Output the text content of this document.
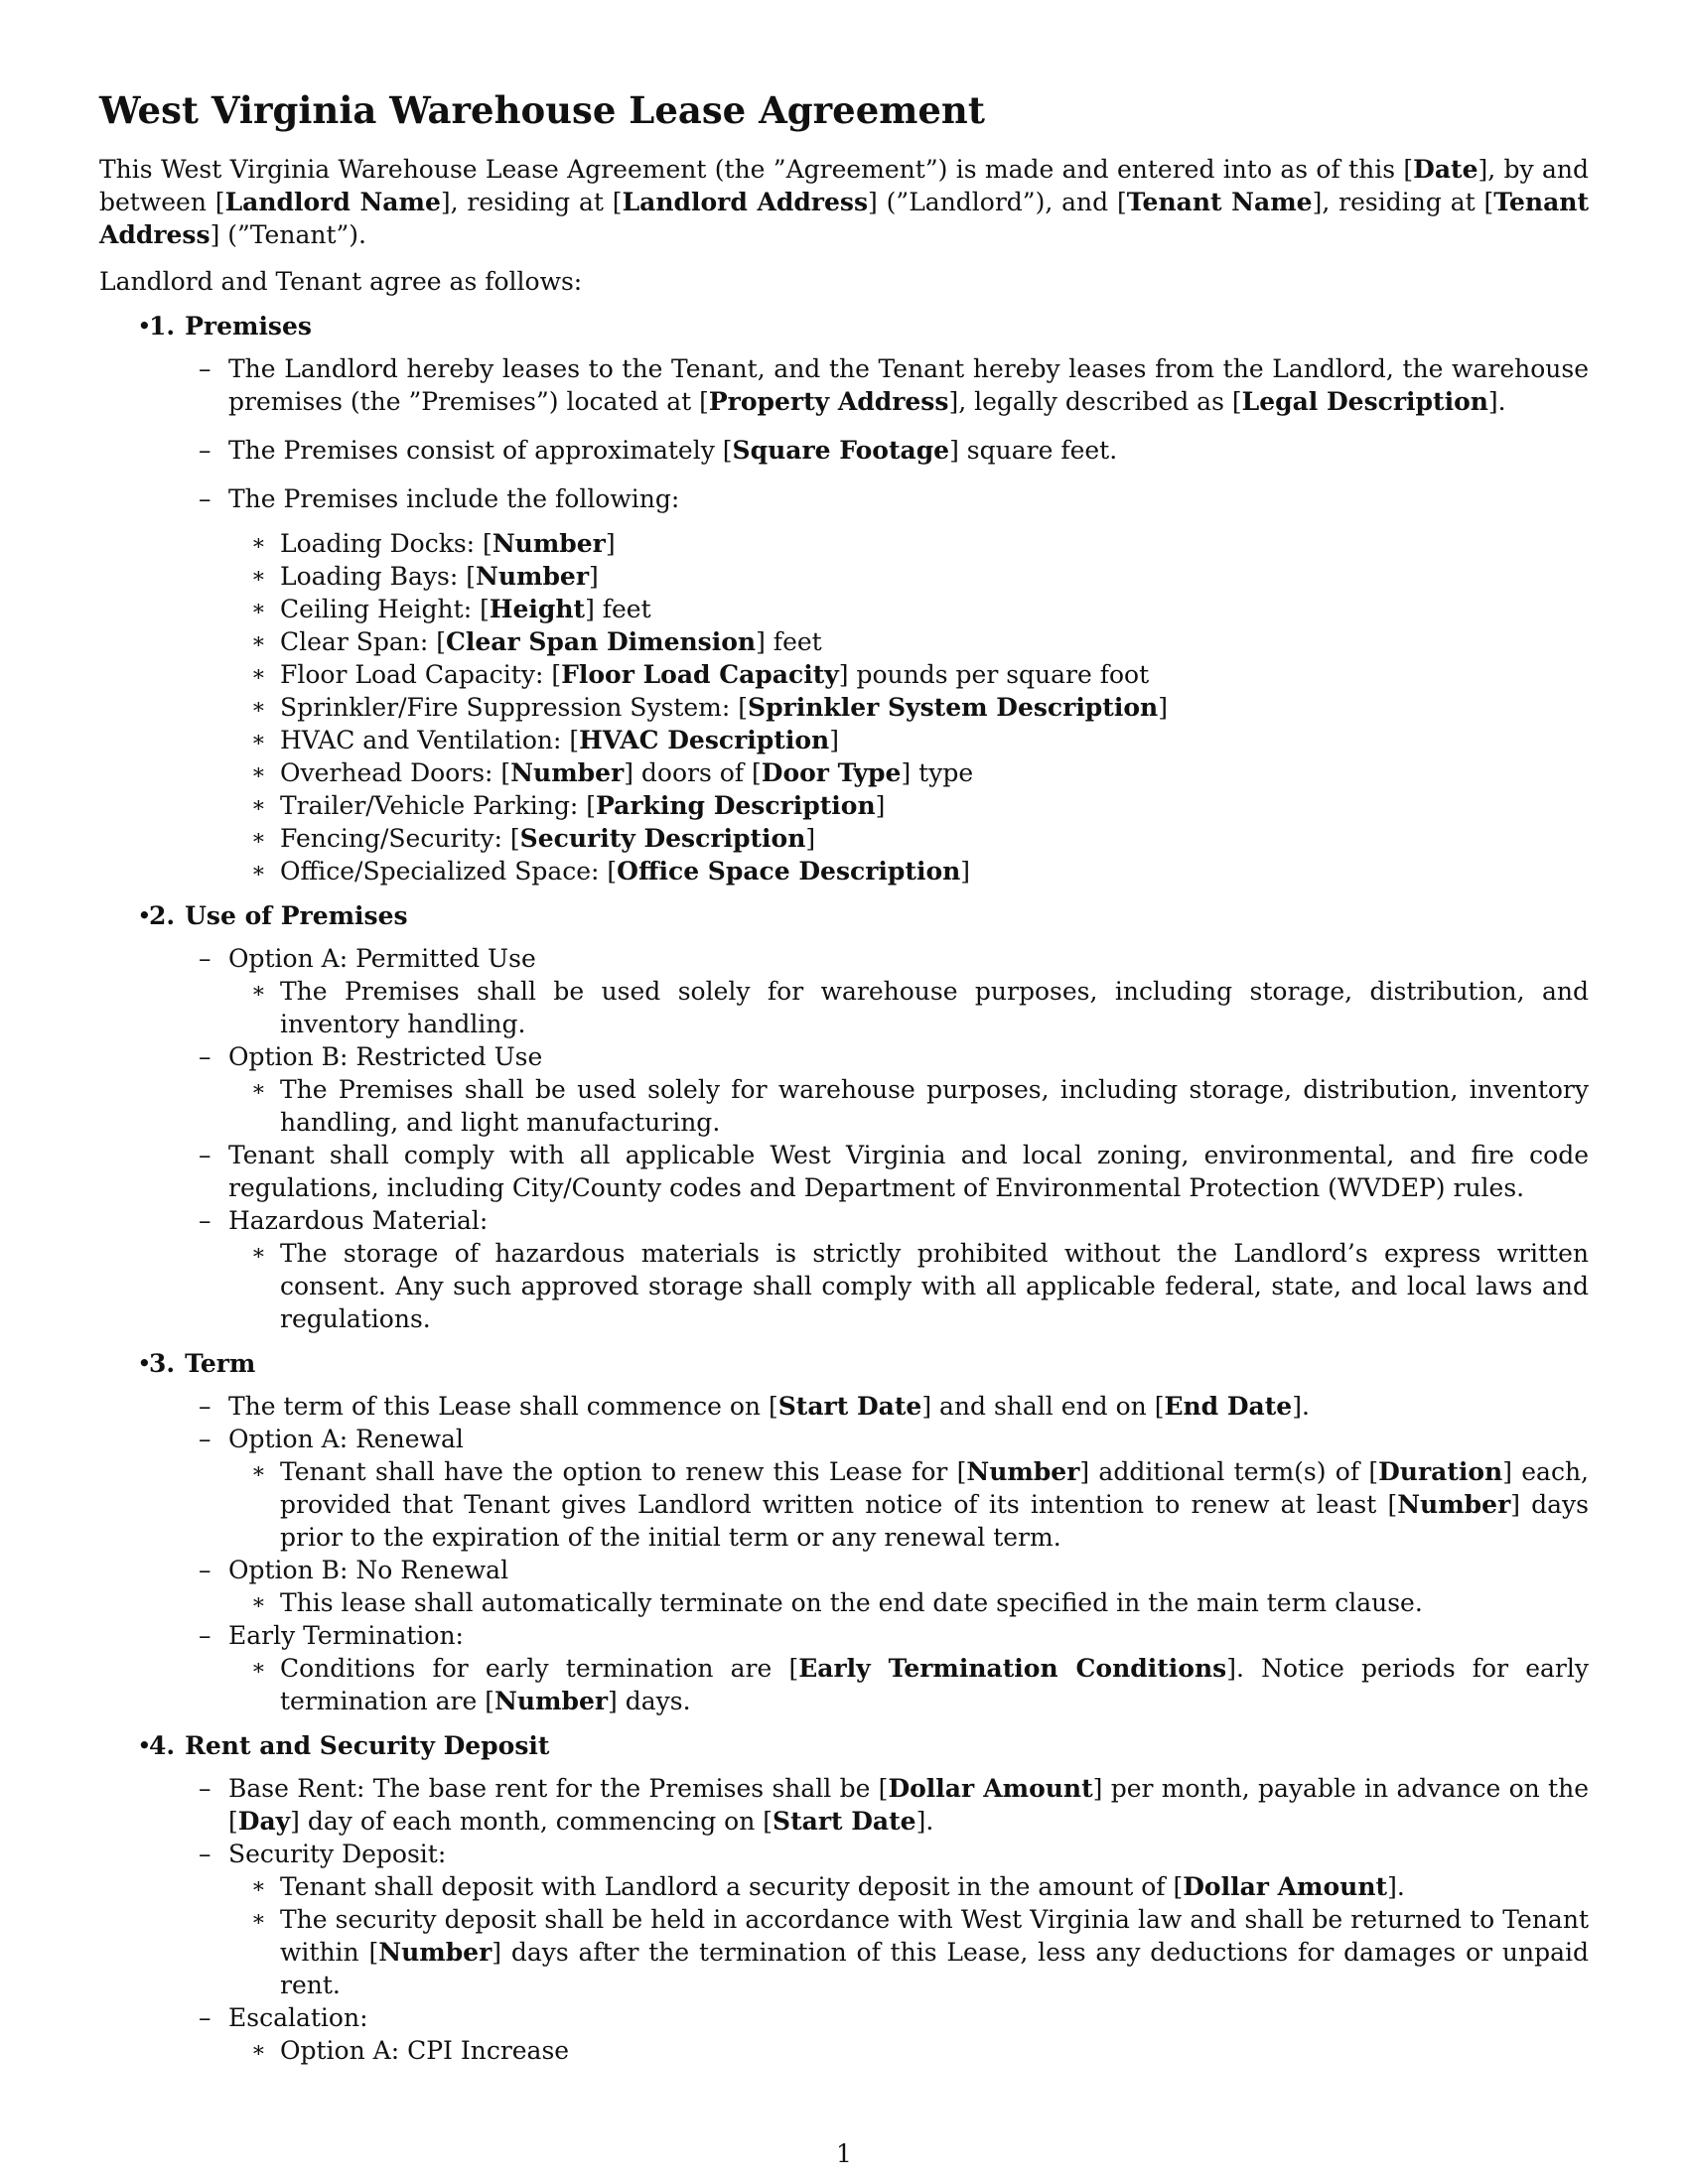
West Virginia Warehouse Lease Agreement

This West Virginia Warehouse Lease Agreement (the ”Agreement”) is made and entered into as of this [Date], by and between [Landlord Name], residing at [Landlord Address] (”Landlord”), and [Tenant Name], residing at [Tenant Address] (”Tenant”).

Landlord and Tenant agree as follows:

• 1. Premises
– The Landlord hereby leases to the Tenant, and the Tenant hereby leases from the Landlord, the warehouse premises (the ”Premises”) located at [Property Address], legally described as [Legal Description].
– The Premises consist of approximately [Square Footage] square feet.
– The Premises include the following:
∗ Loading Docks: [Number]
∗ Loading Bays: [Number]
∗ Ceiling Height: [Height] feet
∗ Clear Span: [Clear Span Dimension] feet
∗ Floor Load Capacity: [Floor Load Capacity] pounds per square foot
∗ Sprinkler/Fire Suppression System: [Sprinkler System Description]
∗ HVAC and Ventilation: [HVAC Description]
∗ Overhead Doors: [Number] doors of [Door Type] type
∗ Trailer/Vehicle Parking: [Parking Description]
∗ Fencing/Security: [Security Description]
∗ Office/Specialized Space: [Office Space Description]
• 2. Use of Premises
– Option A: Permitted Use
∗ The Premises shall be used solely for warehouse purposes, including storage, distribution, and inventory handling.
– Option B: Restricted Use
∗ The Premises shall be used solely for warehouse purposes, including storage, distribution, inventory handling, and light manufacturing.
– Tenant shall comply with all applicable West Virginia and local zoning, environmental, and fire code regulations, including City/County codes and Department of Environmental Protection (WVDEP) rules.
– Hazardous Material:
∗ The storage of hazardous materials is strictly prohibited without the Landlord’s express written consent. Any such approved storage shall comply with all applicable federal, state, and local laws and regulations.
• 3. Term
– The term of this Lease shall commence on [Start Date] and shall end on [End Date].
– Option A: Renewal
∗ Tenant shall have the option to renew this Lease for [Number] additional term(s) of [Duration] each, provided that Tenant gives Landlord written notice of its intention to renew at least [Number] days prior to the expiration of the initial term or any renewal term.
– Option B: No Renewal
∗ This lease shall automatically terminate on the end date specified in the main term clause.
– Early Termination:
∗ Conditions for early termination are [Early Termination Conditions]. Notice periods for early termination are [Number] days.
• 4. Rent and Security Deposit
– Base Rent: The base rent for the Premises shall be [Dollar Amount] per month, payable in advance on the [Day] day of each month, commencing on [Start Date].
– Security Deposit:
∗ Tenant shall deposit with Landlord a security deposit in the amount of [Dollar Amount].
∗ The security deposit shall be held in accordance with West Virginia law and shall be returned to Tenant within [Number] days after the termination of this Lease, less any deductions for damages or unpaid rent.
– Escalation:
∗ Option A: CPI Increase
1
